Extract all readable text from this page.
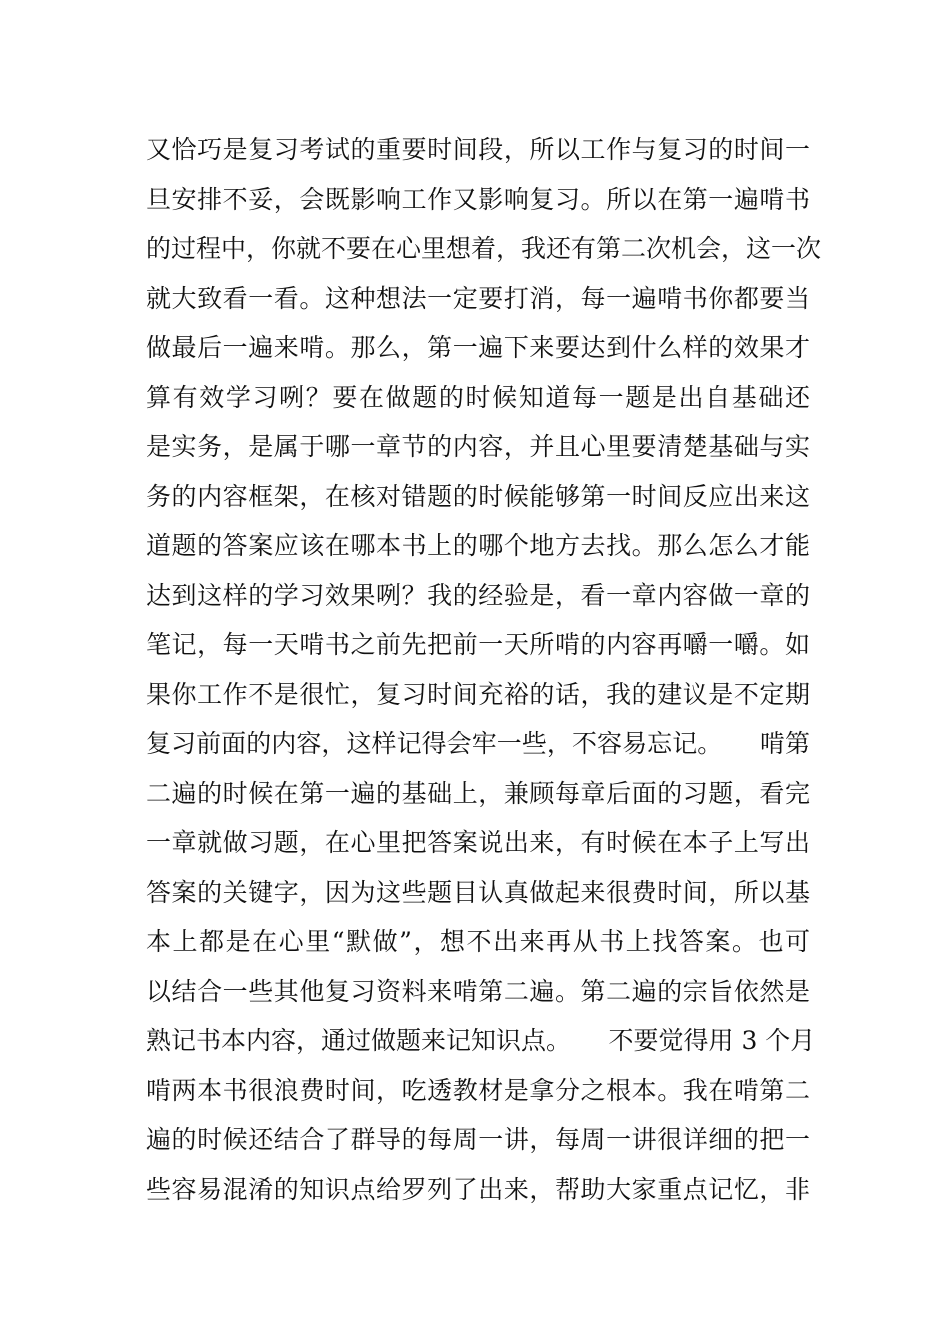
又恰巧是复习考试的重要时间段，所以工作与复习的时间一
旦安排不妥，会既影响工作又影响复习。所以在第一遍啃书
的过程中，你就不要在心里想着，我还有第二次机会，这一次
就大致看一看。这种想法一定要打消，每一遍啃书你都要当
做最后一遍来啃。那么，第一遍下来要达到什么样的效果才
算有效学习咧？要在做题的时候知道每一题是出自基础还
是实务，是属于哪一章节的内容，并且心里要清楚基础与实
务的内容框架，在核对错题的时候能够第一时间反应出来这
道题的答案应该在哪本书上的哪个地方去找。那么怎么才能
达到这样的学习效果咧？我的经验是，看一章内容做一章的
笔记，每一天啃书之前先把前一天所啃的内容再嚼一嚼。如
果你工作不是很忙，复习时间充裕的话，我的建议是不定期
复习前面的内容，这样记得会牢一些，不容易忘记。　　啃第
二遍的时候在第一遍的基础上，兼顾每章后面的习题，看完
一章就做习题，在心里把答案说出来，有时候在本子上写出
答案的关键字，因为这些题目认真做起来很费时间，所以基
本上都是在心里“默做”，想不出来再从书上找答案。也可
以结合一些其他复习资料来啃第二遍。第二遍的宗旨依然是
熟记书本内容，通过做题来记知识点。　　不要觉得用 3 个月
啃两本书很浪费时间，吃透教材是拿分之根本。我在啃第二
遍的时候还结合了群导的每周一讲，每周一讲很详细的把一
些容易混淆的知识点给罗列了出来，帮助大家重点记忆，非
